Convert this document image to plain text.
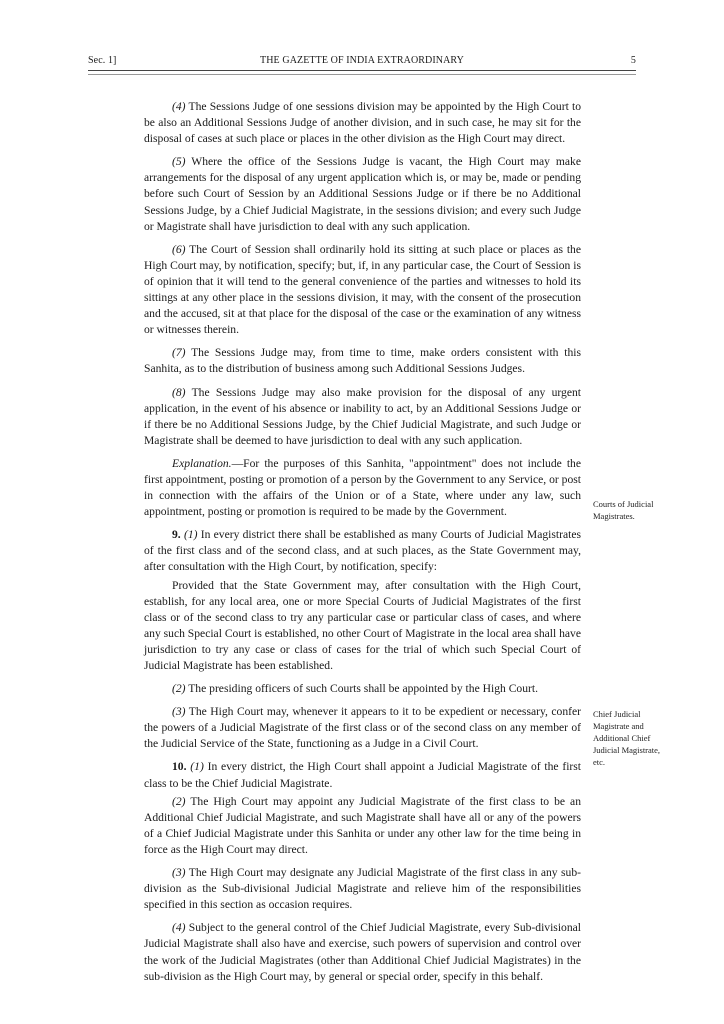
Sec. 1]	THE GAZETTE OF INDIA EXTRAORDINARY	5

(4) The Sessions Judge of one sessions division may be appointed by the High Court to be also an Additional Sessions Judge of another division, and in such case, he may sit for the disposal of cases at such place or places in the other division as the High Court may direct.

(5) Where the office of the Sessions Judge is vacant, the High Court may make arrangements for the disposal of any urgent application which is, or may be, made or pending before such Court of Session by an Additional Sessions Judge or if there be no Additional Sessions Judge, by a Chief Judicial Magistrate, in the sessions division; and every such Judge or Magistrate shall have jurisdiction to deal with any such application.

(6) The Court of Session shall ordinarily hold its sitting at such place or places as the High Court may, by notification, specify; but, if, in any particular case, the Court of Session is of opinion that it will tend to the general convenience of the parties and witnesses to hold its sittings at any other place in the sessions division, it may, with the consent of the prosecution and the accused, sit at that place for the disposal of the case or the examination of any witness or witnesses therein.

(7) The Sessions Judge may, from time to time, make orders consistent with this Sanhita, as to the distribution of business among such Additional Sessions Judges.

(8) The Sessions Judge may also make provision for the disposal of any urgent application, in the event of his absence or inability to act, by an Additional Sessions Judge or if there be no Additional Sessions Judge, by the Chief Judicial Magistrate, and such Judge or Magistrate shall be deemed to have jurisdiction to deal with any such application.

Explanation.—For the purposes of this Sanhita, "appointment" does not include the first appointment, posting or promotion of a person by the Government to any Service, or post in connection with the affairs of the Union or of a State, where under any law, such appointment, posting or promotion is required to be made by the Government.

9. (1) In every district there shall be established as many Courts of Judicial Magistrates of the first class and of the second class, and at such places, as the State Government may, after consultation with the High Court, by notification, specify:

Provided that the State Government may, after consultation with the High Court, establish, for any local area, one or more Special Courts of Judicial Magistrates of the first class or of the second class to try any particular case or particular class of cases, and where any such Special Court is established, no other Court of Magistrate in the local area shall have jurisdiction to try any case or class of cases for the trial of which such Special Court of Judicial Magistrate has been established.

(2) The presiding officers of such Courts shall be appointed by the High Court.

(3) The High Court may, whenever it appears to it to be expedient or necessary, confer the powers of a Judicial Magistrate of the first class or of the second class on any member of the Judicial Service of the State, functioning as a Judge in a Civil Court.

10. (1) In every district, the High Court shall appoint a Judicial Magistrate of the first class to be the Chief Judicial Magistrate.

(2) The High Court may appoint any Judicial Magistrate of the first class to be an Additional Chief Judicial Magistrate, and such Magistrate shall have all or any of the powers of a Chief Judicial Magistrate under this Sanhita or under any other law for the time being in force as the High Court may direct.

(3) The High Court may designate any Judicial Magistrate of the first class in any sub-division as the Sub-divisional Judicial Magistrate and relieve him of the responsibilities specified in this section as occasion requires.

(4) Subject to the general control of the Chief Judicial Magistrate, every Sub-divisional Judicial Magistrate shall also have and exercise, such powers of supervision and control over the work of the Judicial Magistrates (other than Additional Chief Judicial Magistrates) in the sub-division as the High Court may, by general or special order, specify in this behalf.

Courts of Judicial Magistrates.
Chief Judicial Magistrate and Additional Chief Judicial Magistrate, etc.
